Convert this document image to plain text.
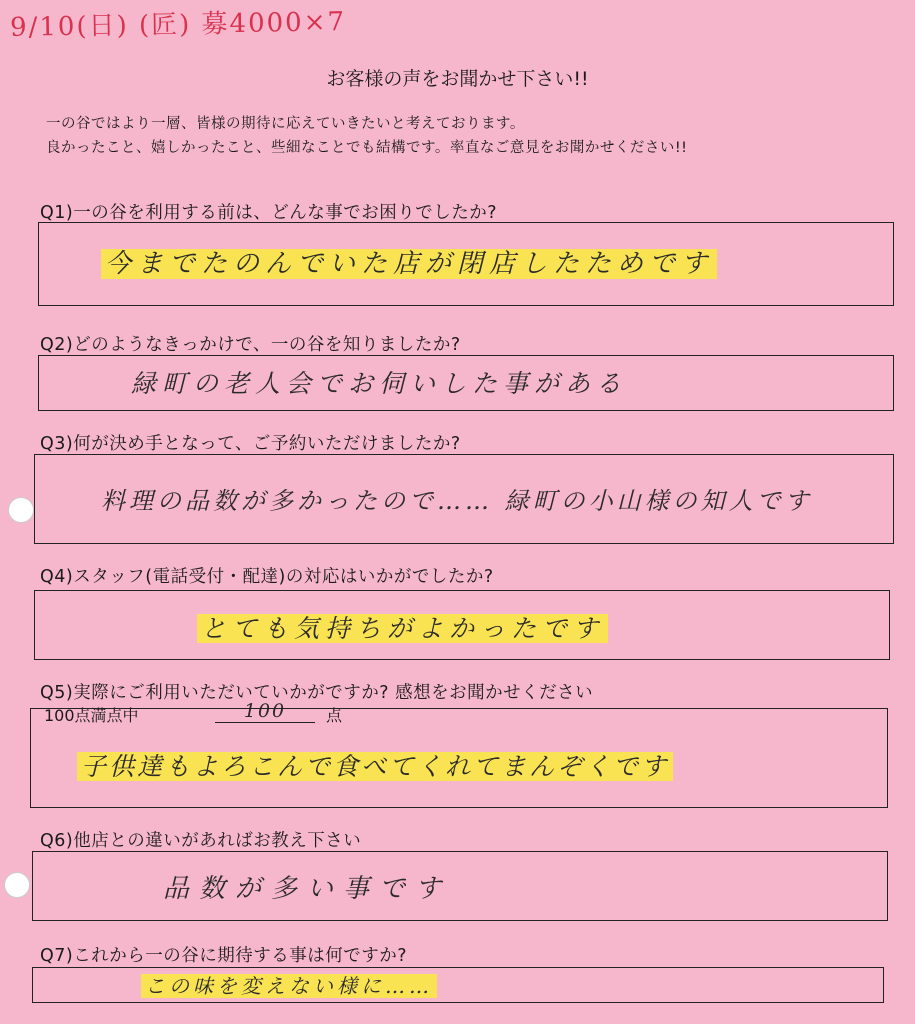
9/10(日) (匠) 募4000×7
お客様の声をお聞かせ下さい!!
一の谷ではより一層、皆様の期待に応えていきたいと考えております。
良かったこと、嬉しかったこと、些細なことでも結構です。率直なご意見をお聞かせください!!
Q1)一の谷を利用する前は、どんな事でお困りでしたか?
今までたのんでいた店が閉店したためです
Q2)どのようなきっかけで、一の谷を知りましたか?
緑町の老人会でお伺いした事がある
Q3)何が決め手となって、ご予約いただけましたか?
料理の品数が多かったので…… 緑町の小山様の知人です
Q4)スタッフ(電話受付・配達)の対応はいかがでしたか?
とても気持ちがよかったです
Q5)実際にご利用いただいていかがですか? 感想をお聞かせください
100点満点中	100	点
子供達もよろこんで食べてくれてまんぞくです
Q6)他店との違いがあればお教え下さい
品数が多い事です
Q7)これから一の谷に期待する事は何ですか?
この味を変えない様に……
